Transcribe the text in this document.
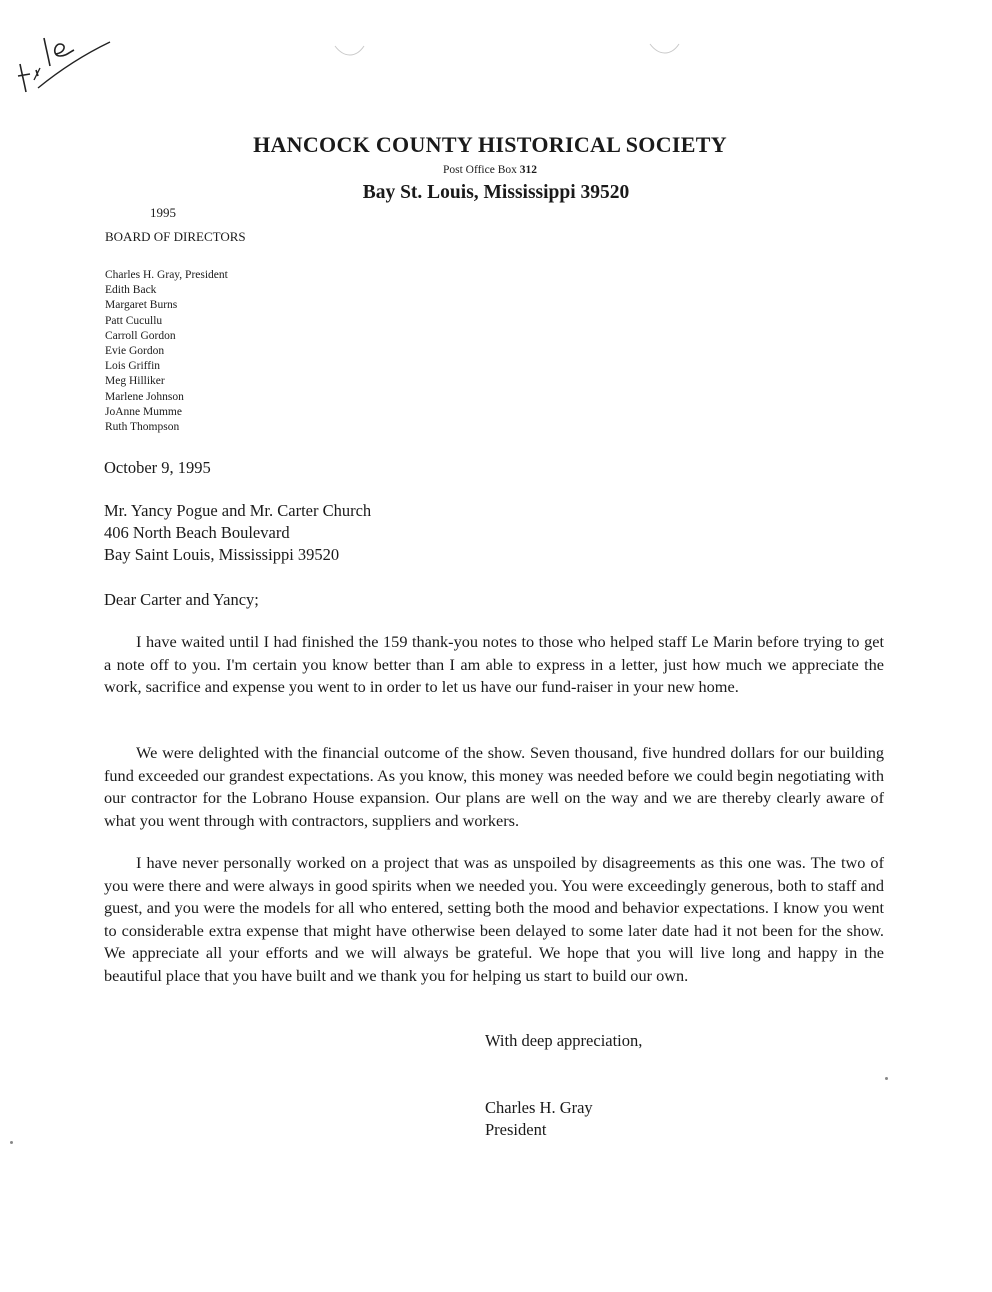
HANCOCK COUNTY HISTORICAL SOCIETY
Post Office Box 312
Bay St. Louis, Mississippi 39520
1995
BOARD OF DIRECTORS
Charles H. Gray, President
Edith Back
Margaret Burns
Patt Cucullu
Carroll Gordon
Evie Gordon
Lois Griffin
Meg Hilliker
Marlene Johnson
JoAnne Mumme
Ruth Thompson
October 9, 1995
Mr. Yancy Pogue and Mr. Carter Church
406 North Beach Boulevard
Bay Saint Louis, Mississippi 39520
Dear Carter and Yancy;

I have waited until I had finished the 159 thank-you notes to those who helped staff Le Marin before trying to get a note off to you. I'm certain you know better than I am able to express in a letter, just how much we appreciate the work, sacrifice and expense you went to in order to let us have our fund-raiser in your new home.

We were delighted with the financial outcome of the show. Seven thousand, five hundred dollars for our building fund exceeded our grandest expectations. As you know, this money was needed before we could begin negotiating with our contractor for the Lobrano House expansion. Our plans are well on the way and we are thereby clearly aware of what you went through with contractors, suppliers and workers.

I have never personally worked on a project that was as unspoiled by disagreements as this one was. The two of you were there and were always in good spirits when we needed you. You were exceedingly generous, both to staff and guest, and you were the models for all who entered, setting both the mood and behavior expectations. I know you went to considerable extra expense that might have otherwise been delayed to some later date had it not been for the show. We appreciate all your efforts and we will always be grateful. We hope that you will live long and happy in the beautiful place that you have built and we thank you for helping us start to build our own.

With deep appreciation,
Charles H. Gray
President
